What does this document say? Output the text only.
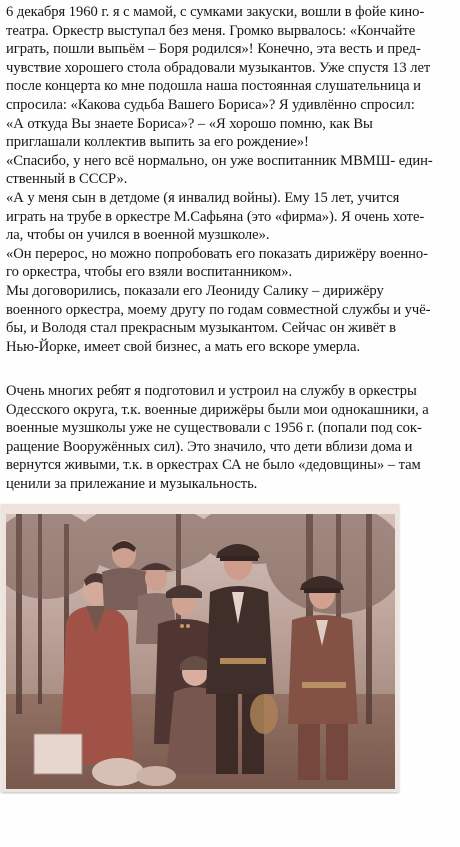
6 декабря 1960 г. я с мамой, с сумками закуски, вошли в фойе кино-
театра. Оркестр выступал без меня. Громко вырвалось: «Кончайте
играть, пошли выпьём – Боря родился»! Конечно, эта весть и пред-
чувствие хорошего стола обрадовали музыкантов. Уже спустя 13 лет
после концерта ко мне подошла наша постоянная слушательница и
спросила: «Какова судьба Вашего Бориса»? Я удивлённо спросил:
«А откуда Вы знаете Бориса»? – «Я хорошо помню, как Вы
приглашали коллектив выпить за его рождение»!
«Спасибо, у него всё нормально, он уже воспитанник МВМШ- един-
ственный в СССР».
«А у меня сын в детдоме (я инвалид войны). Ему 15 лет, учится
играть на трубе в оркестре М.Сафьяна (это «фирма»). Я очень хоте-
ла, чтобы он учился в военной музшколе».
«Он перерос, но можно попробовать его показать дирижёру военно-
го оркестра, чтобы его взяли воспитанником».
Мы договорились, показали его Леониду Салику – дирижёру
военного оркестра, моему другу по годам совместной службы и учё-
бы, и Володя стал прекрасным музыкантом. Сейчас он живёт в
Нью-Йорке, имеет свой бизнес, а мать его вскоре умерла.
Очень многих ребят я подготовил и устроил на службу в оркестры
Одесского округа, т.к. военные дирижёры были мои однокашники, а
военные музшколы уже не существовали с 1956 г. (попали под сок-
ращение Вооружённых сил). Это значило, что дети вблизи дома и
вернутся живыми, т.к. в оркестрах СА не было «дедовщины» – там
ценили за прилежание и музыкальность.
